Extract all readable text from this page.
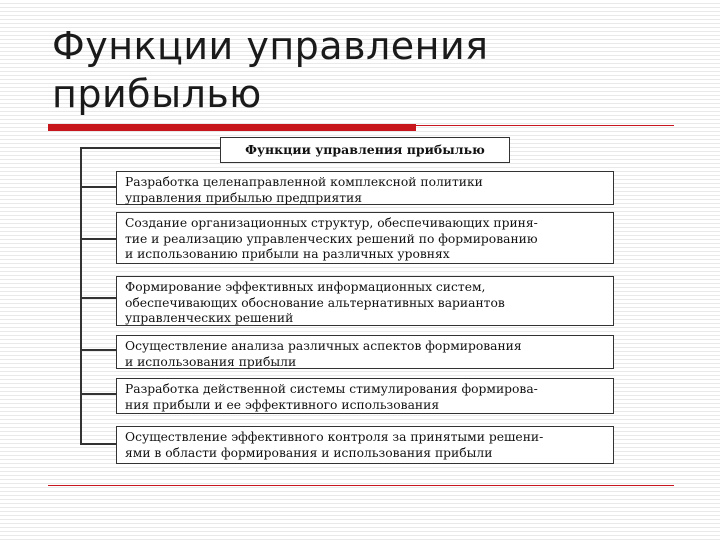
Функции управления прибылью
Функции управления прибылью
Разработка целенаправленной комплексной политики
управления прибылью предприятия
Создание организационных структур, обеспечивающих приня-
тие и реализацию управленческих решений по формированию
и использованию прибыли на различных уровнях
Формирование эффективных информационных систем,
обеспечивающих обоснование альтернативных вариантов
управленческих решений
Осуществление анализа различных аспектов формирования
и использования прибыли
Разработка действенной системы стимулирования формирова-
ния прибыли и ее эффективного использования
Осуществление эффективного контроля за принятыми решени-
ями в области формирования и использования прибыли
